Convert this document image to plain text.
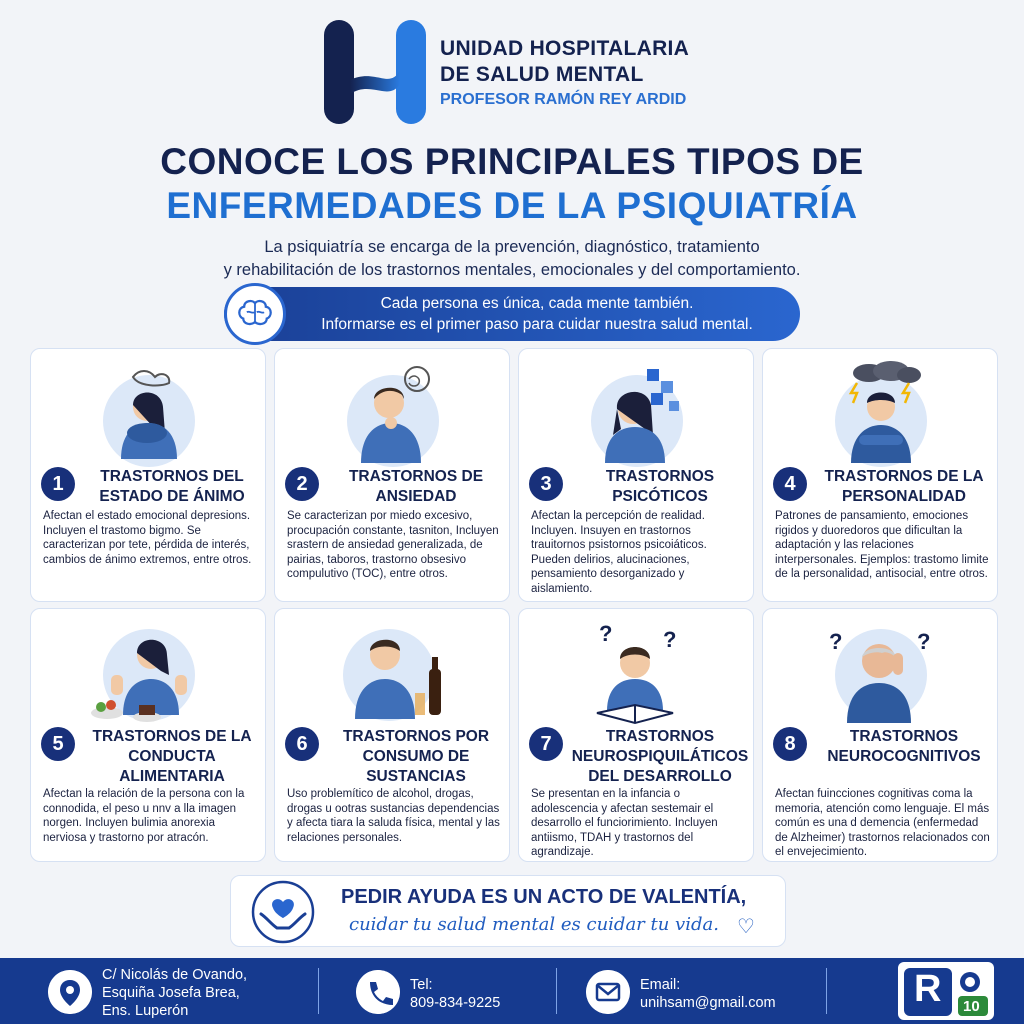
UNIDAD HOSPITALARIA
DE SALUD MENTAL
PROFESOR RAMÓN REY ARDID
CONOCE LOS PRINCIPALES TIPOS DE
ENFERMEDADES DE LA PSIQUIATRÍA
La psiquiatría se encarga de la prevención, diagnóstico, tratamiento
y rehabilitación de los trastornos mentales, emocionales y del comportamiento.
Cada persona es única, cada mente también.
Informarse es el primer paso para cuidar nuestra salud mental.
1	TRASTORNOS DEL ESTADO DE ÁNIMO
Afectan el estado emocional depresions. Incluyen el trastomo bigmo. Se caracterizan por tete, pérdida de interés, cambios de ánimo extremos, entre otros.
2	TRASTORNOS DE ANSIEDAD
Se caracterizan por miedo excesivo, procupación constante, tasniton, Incluyen srastern de ansiedad generalizada, de pairias, taboros, trastorno obsesivo compulutivo (TOC), entre otros.
3	TRASTORNOS PSICÓTICOS
Afectan la percepción de realidad. Incluyen. Insuyen en trastornos trauitornos psistornos psicoiáticos. Pueden delirios, alucinaciones, pensamiento desorganizado y aislamiento.
4	TRASTORNOS DE LA PERSONALIDAD
Patrones de pansamiento, emociones rigidos y duoredoros que dificultan la adaptación y las relaciones interpersonales. Ejemplos: trastomo limite de la personalidad, antisocial, entre otros.
5	TRASTORNOS DE LA CONDUCTA ALIMENTARIA
Afectan la relación de la persona con la connodida, el peso u nnv a lla imagen norgen. Incluyen bulimia anorexia nerviosa y trastorno por atracón.
6	TRASTORNOS POR CONSUMO DE SUSTANCIAS
Uso problemítico de alcohol, drogas, drogas u ootras sustancias dependencias y afecta tiara la saluda física, mental y las relaciones personales.
? ?
7	TRASTORNOS NEUROSPIQUILÁTICOS DEL DESARROLLO
Se presentan en la infancia o adolescencia y afectan sestemair el desarrollo el funciorimiento. Incluyen antiismo, TDAH y trastornos del agrandizaje.
?	?
8	TRASTORNOS NEUROCOGNITIVOS
Afectan fuincciones cognitivas coma la memoria, atención como lenguaje. El más común es una d demencia (enfermedad de Alzheimer) trastornos relacionados con el envejecimiento.
PEDIR AYUDA ES UN ACTO DE VALENTÍA,
cuidar tu salud mental es cuidar tu vida. ♡
C/ Nicolás de Ovando,
Esquiña Josefa Brea,
Ens. Luperón
Tel:
809-834-9225
Email:
unihsam@gmail.com	R 10
